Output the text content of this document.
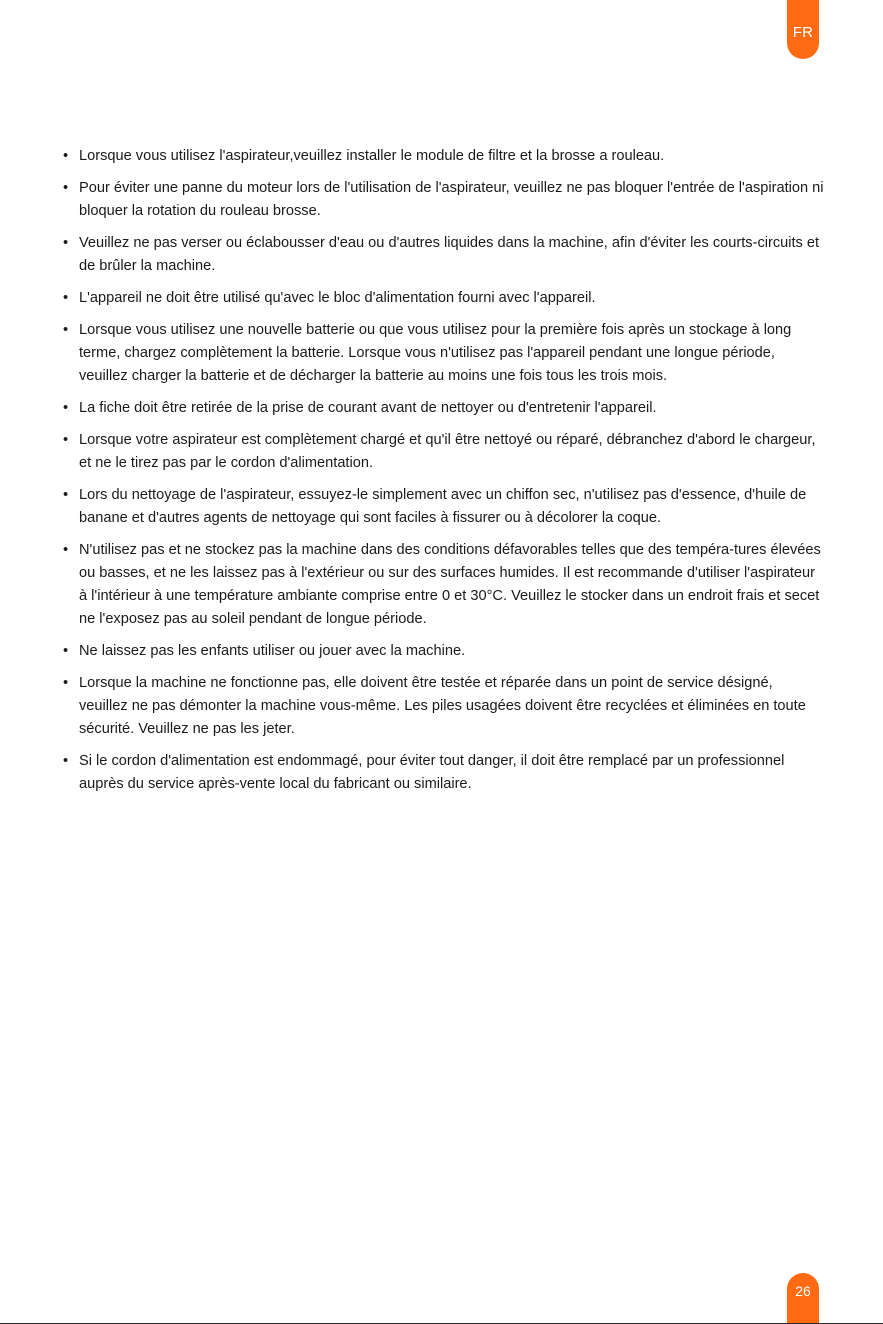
FR
• Lorsque vous utilisez l'aspirateur,veuillez installer le module de filtre et la brosse a rouleau.
• Pour éviter une panne du moteur lors de l'utilisation de l'aspirateur, veuillez ne pas bloquer l'entrée de l'aspiration ni bloquer la rotation du rouleau brosse.
• Veuillez ne pas verser ou éclabousser d'eau ou d'autres liquides dans la machine, afin d'éviter les courts-circuits et de brûler la machine.
• L'appareil ne doit être utilisé qu'avec le bloc d'alimentation fourni avec l'appareil.
• Lorsque vous utilisez une nouvelle batterie ou que vous utilisez pour la première fois après un stockage à long terme, chargez complètement la batterie. Lorsque vous n'utilisez pas l'appareil pendant une longue période, veuillez charger la batterie et de décharger la batterie au moins une fois tous les trois mois.
• La fiche doit être retirée de la prise de courant avant de nettoyer ou d'entretenir l'appareil.
• Lorsque votre aspirateur est complètement chargé et qu'il être nettoyé ou réparé, débranchez d'abord le chargeur, et ne le tirez pas par le cordon d'alimentation.
• Lors du nettoyage de l'aspirateur, essuyez-le simplement avec un chiffon sec, n'utilisez pas d'essence, d'huile de banane et d'autres agents de nettoyage qui sont faciles à fissurer ou à décolorer la coque.
• N'utilisez pas et ne stockez pas la machine dans des conditions défavorables telles que des tempéra-tures élevées ou basses, et ne les laissez pas à l'extérieur ou sur des surfaces humides. Il est recommande d'utiliser l'aspirateur à l'intérieur à une température ambiante comprise entre 0 et 30°C. Veuillez le stocker dans un endroit frais et secet ne l'exposez pas au soleil pendant de longue période.
• Ne laissez pas les enfants utiliser ou jouer avec la machine.
• Lorsque la machine ne fonctionne pas, elle doivent être testée et réparée dans un point de service désigné, veuillez ne pas démonter la machine vous-même. Les piles usagées doivent être recyclées et éliminées en toute sécurité. Veuillez ne pas les jeter.
• Si le cordon d'alimentation est endommagé, pour éviter tout danger, il doit être remplacé par un professionnel auprès du service après-vente local du fabricant ou similaire.
26
